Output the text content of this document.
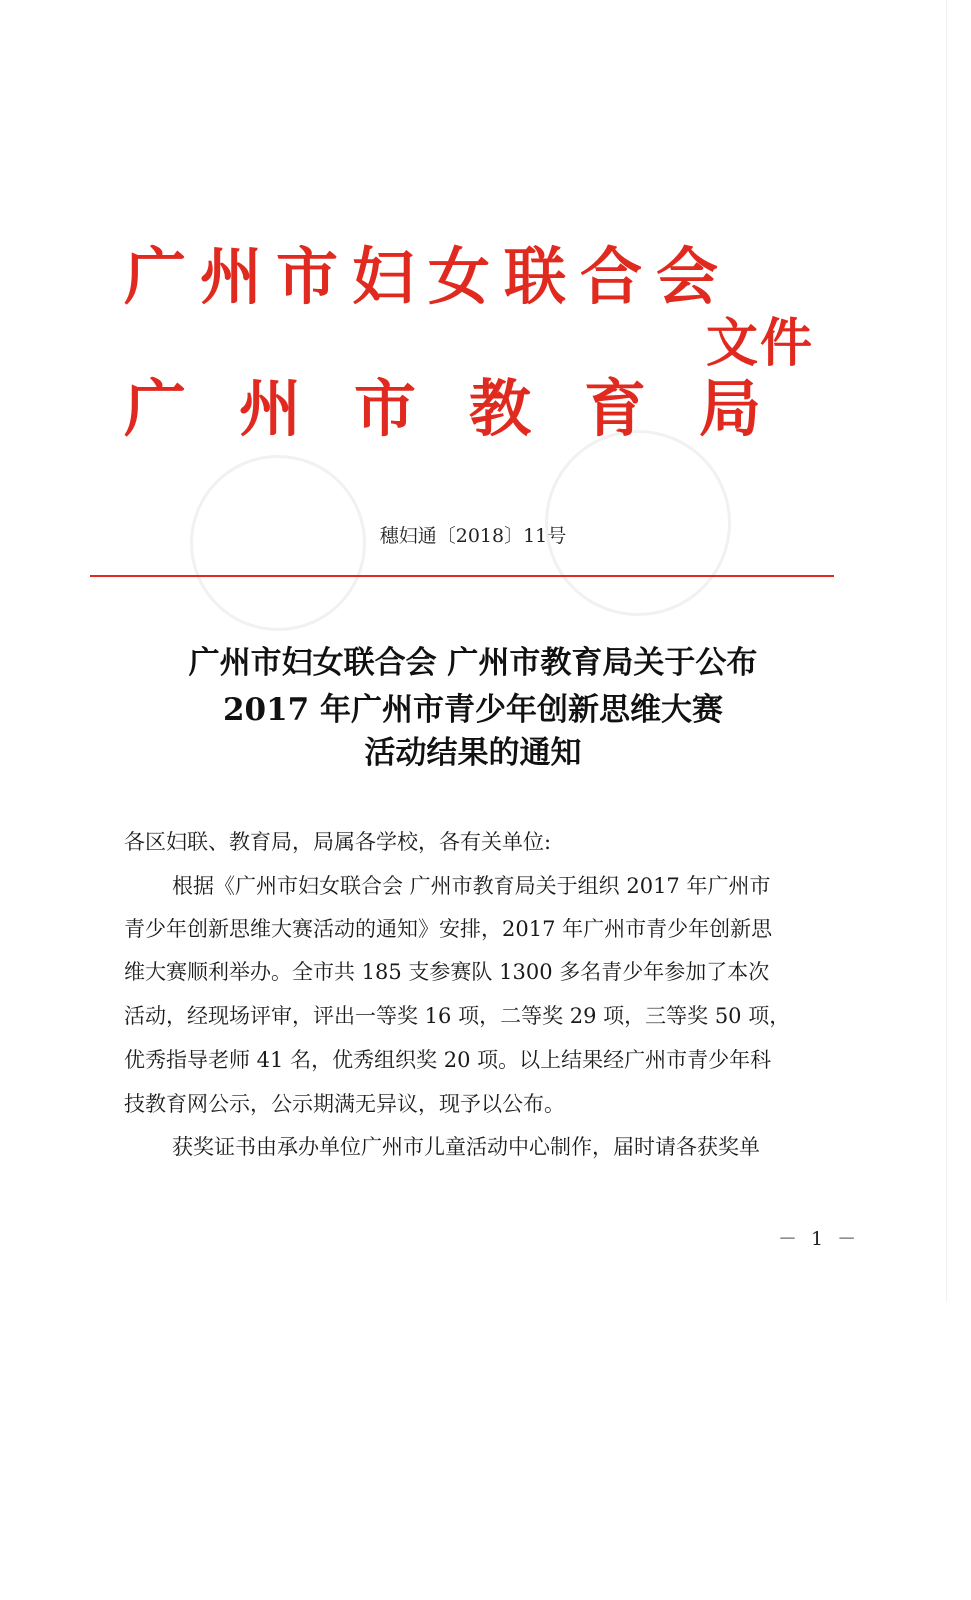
广州市妇女联合会
广州市教育局
文件
穗妇通〔2018〕11号
广州市妇女联合会 广州市教育局关于公布
2017 年广州市青少年创新思维大赛
活动结果的通知
各区妇联、教育局，局属各学校，各有关单位:
根据《广州市妇女联合会 广州市教育局关于组织 2017 年广州市
青少年创新思维大赛活动的通知》安排，2017 年广州市青少年创新思
维大赛顺利举办。全市共 185 支参赛队 1300 多名青少年参加了本次
活动，经现场评审，评出一等奖 16 项，二等奖 29 项，三等奖 50 项，
优秀指导老师 41 名，优秀组织奖 20 项。以上结果经广州市青少年科
技教育网公示，公示期满无异议，现予以公布。
获奖证书由承办单位广州市儿童活动中心制作，届时请各获奖单
－ 1 －
